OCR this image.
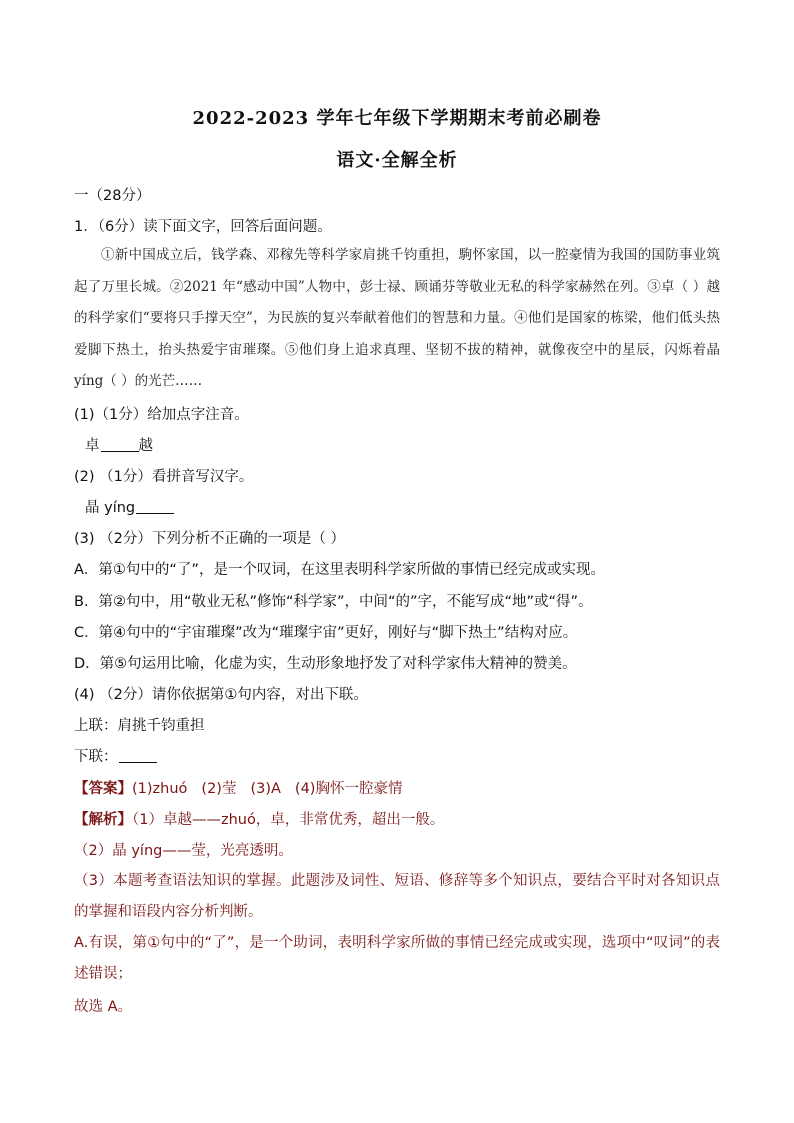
2022-2023 学年七年级下学期期末考前必刷卷
语文·全解全析
一（28分）
1．（6分）读下面文字，回答后面问题。
①新中国成立后，钱学森、邓稼先等科学家肩挑千钧重担，駒怀家国，以一腔豪情为我国的国防事业筑起了万里长城。②2021 年“感动中国”人物中，彭士禄、顾诵芬等敬业无私的科学家赫然在列。③卓（ ）越的科学家们“要将只手撑天空”，为民族的复兴奉献着他们的智慧和力量。④他们是国家的栋梁，他们低头热爱脚下热土，抬头热爱宇宙璀璨。⑤他们身上追求真理、坚韧不拔的精神，就像夜空中的星辰，闪烁着晶 yíng（ ）的光芒……
(1)（1分）给加点字注音。
卓	越
(2) （1分）看拼音写汉字。
晶 yíng
(3) （2分）下列分析不正确的一项是（ ）
A．第①句中的“了”，是一个叹词，在这里表明科学家所做的事情已经完成或实现。
B．第②句中，用“敬业无私”修饰“科学家”，中间“的”字，不能写成“地”或“得”。
C．第④句中的“宇宙璀璨”改为“璀璨宇宙”更好，刚好与“脚下热土”结构对应。
D．第⑤句运用比喻，化虚为实，生动形象地抒发了对科学家伟大精神的赞美。
(4) （2分）请你依据第①句内容，对出下联。
上联：肩挑千钧重担
下联：
【答案】(1)zhuó (2)莹 (3)A (4)胸怀一腔豪情
【解析】（1）卓越——zhuó，卓，非常优秀，超出一般。
（2）晶 yíng——莹，光亮透明。
（3）本题考查语法知识的掌握。此题涉及词性、短语、修辞等多个知识点，要结合平时对各知识点的掌握和语段内容分析判断。
A.有误，第①句中的“了”，是一个助词，表明科学家所做的事情已经完成或实现，选项中“叹词”的表述错误；
故选 A。
